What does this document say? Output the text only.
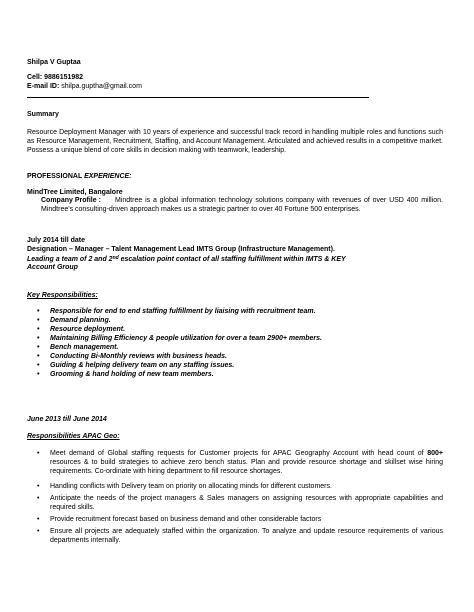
Shilpa V Guptaa
Cell: 9886151982
E-mail ID: shilpa.guptha@gmail.com
Summary
Resource Deployment Manager with 10 years of experience and successful track record in handling multiple roles and functions such as Resource Management, Recruitment, Staffing, and Account Management. Articulated and achieved results in a competitive market. Possess a unique blend of core skills in decision making with teamwork, leadership.
PROFESSIONAL EXPERIENCE:
MindTree Limited, Bangalore
Company Profile :	Mindtree is a global information technology solutions company with revenues of over USD 400 million. Mindtree's consulting-driven approach makes us a strategic partner to over 40 Fortune 500 enterprises.
July 2014 till date
Designation – Manager – Talent Management Lead IMTS Group (Infrastructure Management).
Leading a team of 2 and 2nd escalation point contact of all staffing fulfillment within IMTS & KEY
Account Group
Key Responsibilities:
• Responsible for end to end staffing fulfillment by liaising with recruitment team.
• Demand planning.
• Resource deployment.
• Maintaining Billing Efficiency & people utilization for over a team 2900+ members.
• Bench management.
• Conducting Bi-Monthly reviews with business heads.
• Guiding & helping delivery team on any staffing issues.
• Grooming & hand holding of new team members.
June 2013 till June 2014
Responsibilities APAC Geo:
• Meet demand of Global staffing requests for Customer projects for APAC Geography Account with head count of 800+ resources & to build strategies to achieve zero bench status. Plan and provide resource shortage and skillset wise hiring requirements. Co-ordinate with hiring department to fill resource shortages.
• Handling conflicts with Delivery team on priority on allocating minds for different customers.
• Anticipate the needs of the project managers & Sales managers on assigning resources with appropriate capabilities and required skills.
• Provide recruitment forecast based on business demand and other considerable factors
• Ensure all projects are adequately staffed within the organization. To analyze and update resource requirements of various departments internally.
